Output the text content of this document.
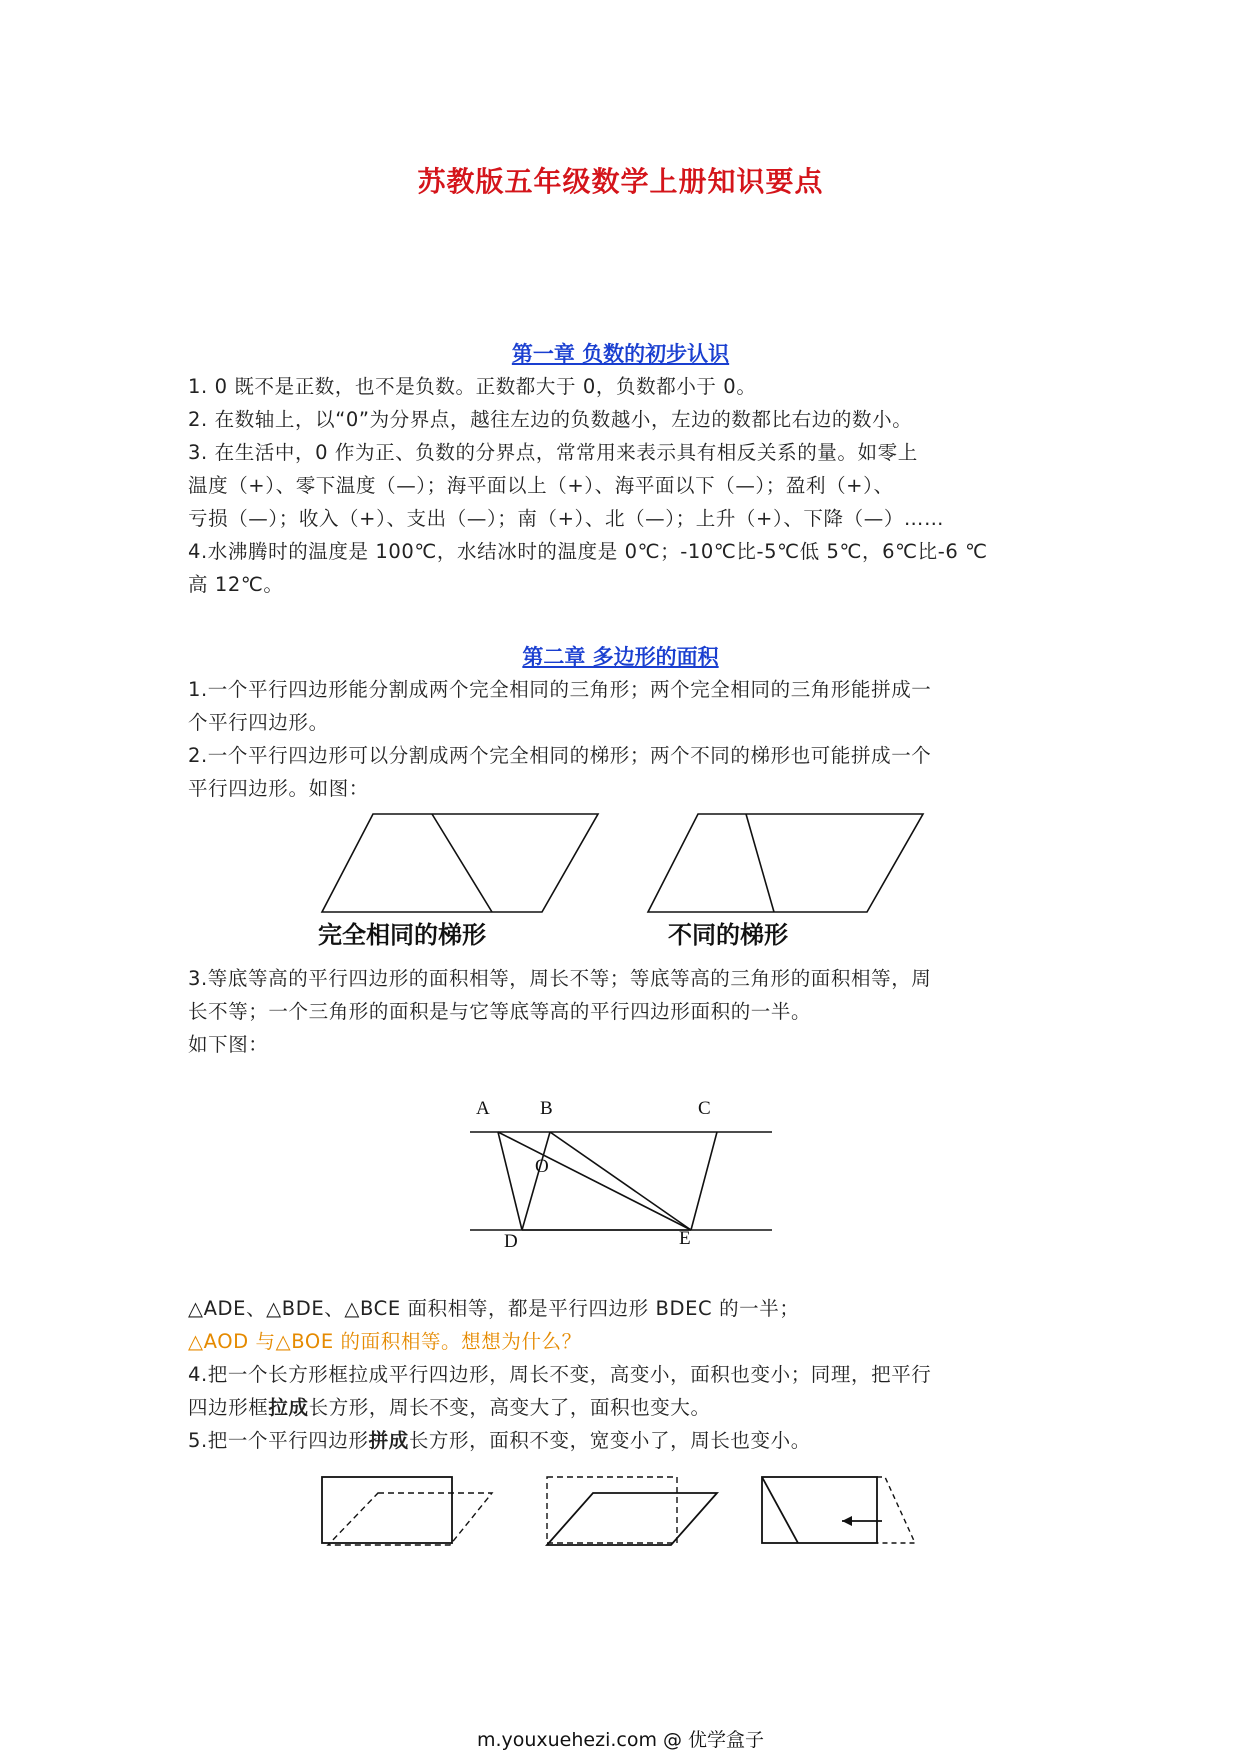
苏教版五年级数学上册知识要点
第一章 负数的初步认识
1. 0 既不是正数，也不是负数。正数都大于 0，负数都小于 0。
2. 在数轴上，以“0”为分界点，越往左边的负数越小，左边的数都比右边的数小。
3. 在生活中，0 作为正、负数的分界点，常常用来表示具有相反关系的量。如零上
温度（+）、零下温度（—）；海平面以上（+）、海平面以下（—）；盈利（+）、
亏损（—）；收入（+）、支出（—）；南（+）、北（—）；上升（+）、下降（—）……
4.水沸腾时的温度是 100℃，水结冰时的温度是 0℃；-10℃比-5℃低 5℃，6℃比-6 ℃
高 12℃。
第二章 多边形的面积
1.一个平行四边形能分割成两个完全相同的三角形；两个完全相同的三角形能拼成一
个平行四边形。
2.一个平行四边形可以分割成两个完全相同的梯形；两个不同的梯形也可能拼成一个
平行四边形。如图：
完全相同的梯形	不同的梯形
3.等底等高的平行四边形的面积相等，周长不等；等底等高的三角形的面积相等，周
长不等；一个三角形的面积是与它等底等高的平行四边形面积的一半。
如下图：
A	B	C
O
D	E
△ADE、△BDE、△BCE 面积相等，都是平行四边形 BDEC 的一半；
△AOD 与△BOE 的面积相等。想想为什么？
4.把一个长方形框拉成平行四边形，周长不变，高变小，面积也变小；同理，把平行
四边形框拉成长方形，周长不变，高变大了，面积也变大。
5.把一个平行四边形拼成长方形，面积不变，宽变小了，周长也变小。
m.youxuehezi.com @ 优学盒子
